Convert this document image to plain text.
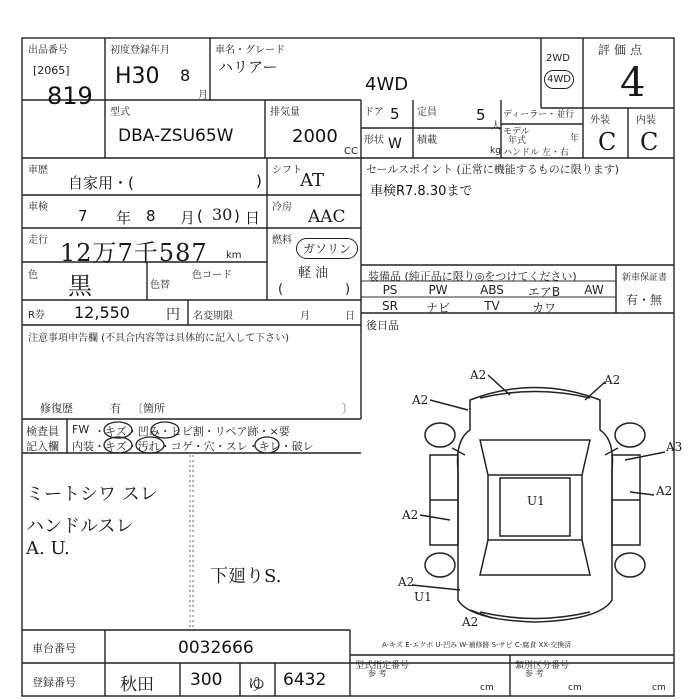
出品番号
[2065]
819
初度登録年月
H30 8
月
車名・グレード
ハリアー
4WD
2WD
4WD
評価点
4
型式
DBA-ZSU65W
排気量
2000
CC
ドア 5
形状 W
定員	5
人
積載
kg
ディーラー・並行
モデル
年式	年
ハンドル 左・右
外装	内装
C C
車歴
自家用・(	)
車検 7 年 8 月 ( 30 ) 日
走行 12万7千587 km
色 黒	色替
色コード
R券 12,550	円
シフト
AT
冷房 AAC
燃料
ガソリン
軽 油
(	)
名変期限	月	日
セールスポイント (正常に機能するものに限ります)
車検R7.8.30まで
装備品 (純正品に限り◎をつけてください)	新車保証書
有・無
PS	PW	ABS	エアB	AW
SR	ナビ	TV	カワ
後日品
注意事項申告欄 (不具合内容等は具体的に記入して下さい)
修復歴	有 〔箇所	〕
検査員
記入欄
FW ・キズ・凹み・ヒビ割・リペア跡・×要
内装 ・キズ・汚れ・コゲ・穴・スレ・キレ・破レ
ミートシワ スレ
ハンドルスレ
A. U.
下廻りS.
A2
A2	A2
A3
A2
U1
A2
A2
U1
A2
車台番号	0032666
登録番号	秋田 300 ゆ 6432
A-キズ E-エクボ U-凹み W-補修跡 S-サビ C-腐食 XX-交換済
型式指定番号
参 考
類別区分番号
参 考
cm	cm	cm
